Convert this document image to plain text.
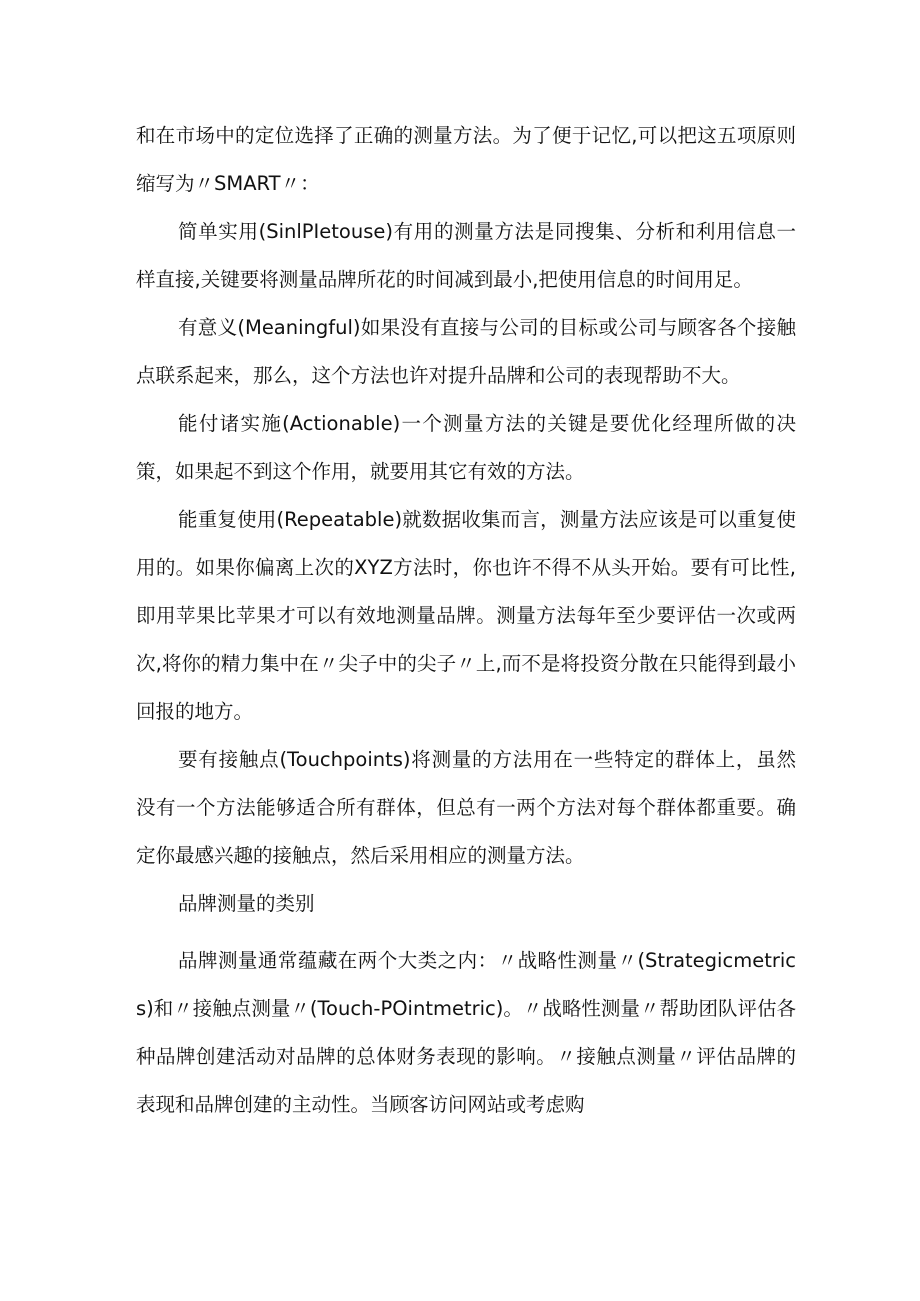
和在市场中的定位选择了正确的测量方法。为了便于记忆,可以把这五项原则缩写为〃SMART〃：

简单实用(SinlPIetouse)有用的测量方法是同搜集、分析和利用信息一样直接,关键要将测量品牌所花的时间减到最小,把使用信息的时间用足。

有意义(Meaningful)如果没有直接与公司的目标或公司与顾客各个接触点联系起来，那么，这个方法也许对提升品牌和公司的表现帮助不大。

能付诸实施(Actionable)一个测量方法的关键是要优化经理所做的决策，如果起不到这个作用，就要用其它有效的方法。

能重复使用(Repeatable)就数据收集而言，测量方法应该是可以重复使用的。如果你偏离上次的XYZ方法时，你也许不得不从头开始。要有可比性,即用苹果比苹果才可以有效地测量品牌。测量方法每年至少要评估一次或两次,将你的精力集中在〃尖子中的尖子〃上,而不是将投资分散在只能得到最小回报的地方。

要有接触点(Touchpoints)将测量的方法用在一些特定的群体上，虽然没有一个方法能够适合所有群体，但总有一两个方法对每个群体都重要。确定你最感兴趣的接触点，然后采用相应的测量方法。

品牌测量的类别

品牌测量通常蕴藏在两个大类之内：〃战略性测量〃(Strategicmetrics)和〃接触点测量〃(Touch-POintmetric)。〃战略性测量〃帮助团队评估各种品牌创建活动对品牌的总体财务表现的影响。〃接触点测量〃评估品牌的表现和品牌创建的主动性。当顾客访问网站或考虑购
